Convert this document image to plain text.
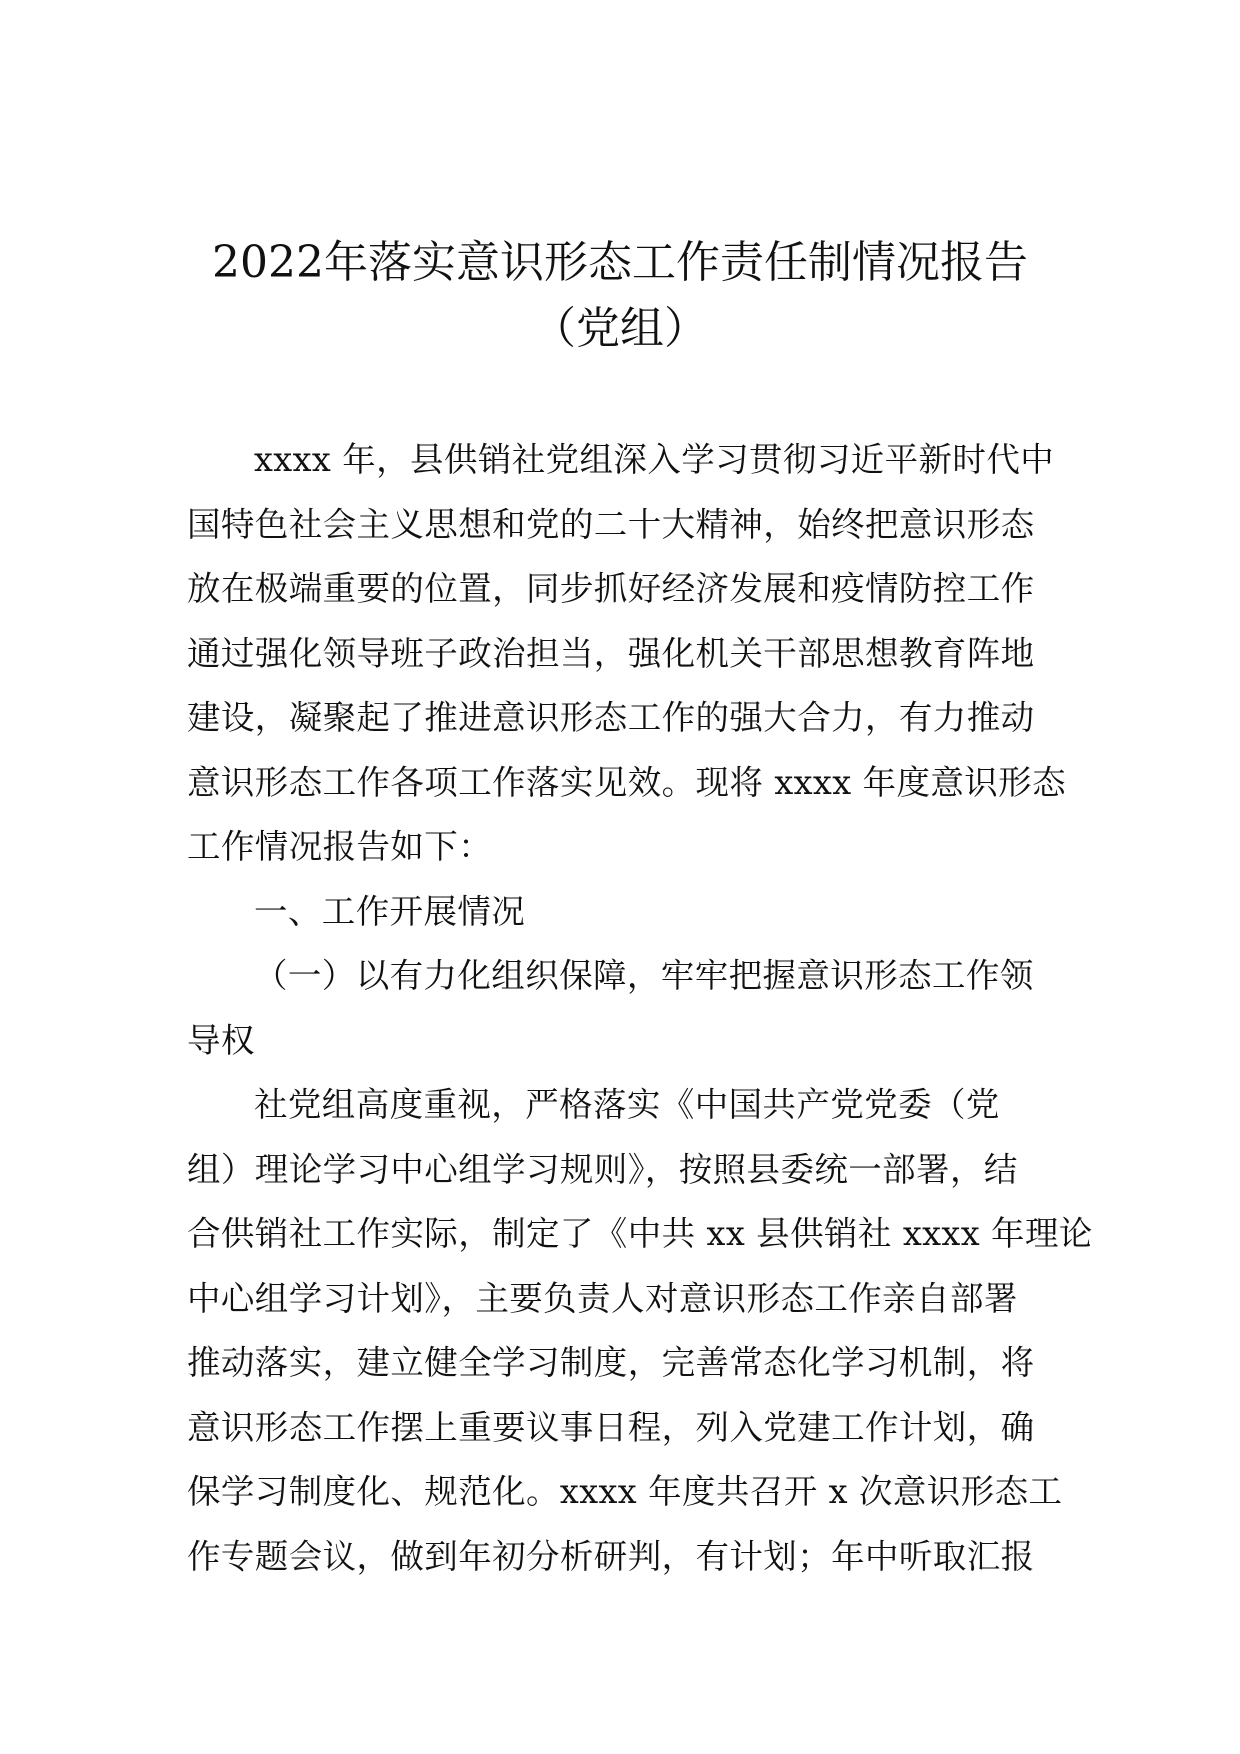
2022年落实意识形态工作责任制情况报告
（党组）
xxxx 年，县供销社党组深入学习贯彻习近平新时代中
国特色社会主义思想和党的二十大精神，始终把意识形态
放在极端重要的位置，同步抓好经济发展和疫情防控工作
通过强化领导班子政治担当，强化机关干部思想教育阵地
建设，凝聚起了推进意识形态工作的强大合力，有力推动
意识形态工作各项工作落实见效。现将 xxxx 年度意识形态
工作情况报告如下：
一、工作开展情况
（一）以有力化组织保障，牢牢把握意识形态工作领
导权
社党组高度重视，严格落实《中国共产党党委（党
组）理论学习中心组学习规则》，按照县委统一部署，结
合供销社工作实际，制定了《中共 xx 县供销社 xxxx 年理论
中心组学习计划》，主要负责人对意识形态工作亲自部署
推动落实，建立健全学习制度，完善常态化学习机制，将
意识形态工作摆上重要议事日程，列入党建工作计划，确
保学习制度化、规范化。xxxx 年度共召开 x 次意识形态工
作专题会议，做到年初分析研判，有计划；年中听取汇报
